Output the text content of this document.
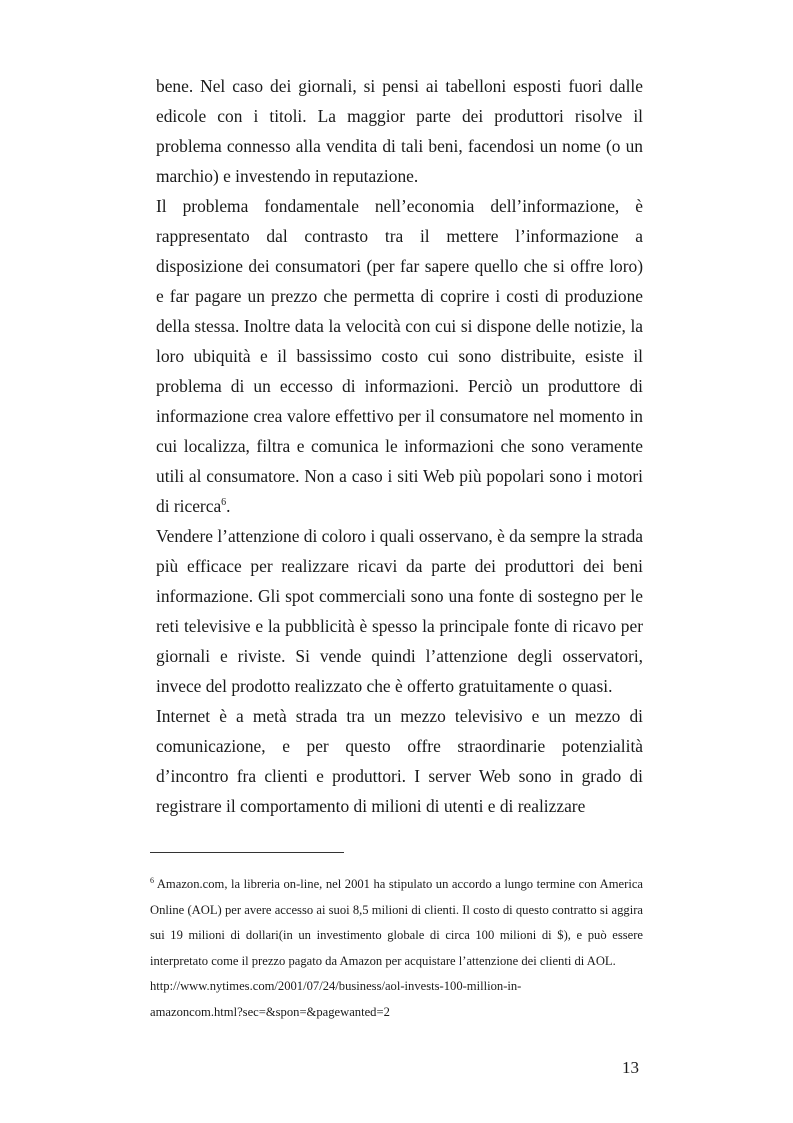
bene. Nel caso dei giornali, si pensi ai tabelloni esposti fuori dalle edicole con i titoli. La maggior parte dei produttori risolve il problema connesso alla vendita di tali beni, facendosi un nome (o un marchio) e investendo in reputazione.

Il problema fondamentale nell’economia dell’informazione, è rappresentato dal contrasto tra il mettere l’informazione a disposizione dei consumatori (per far sapere quello che si offre loro) e far pagare un prezzo che permetta di coprire i costi di produzione della stessa. Inoltre data la velocità con cui si dispone delle notizie, la loro ubiquità e il bassissimo costo cui sono distribuite, esiste il problema di un eccesso di informazioni. Perciò un produttore di informazione crea valore effettivo per il consumatore nel momento in cui localizza, filtra e comunica le informazioni che sono veramente utili al consumatore. Non a caso i siti Web più popolari sono i motori di ricerca$^6$.

Vendere l’attenzione di coloro i quali osservano, è da sempre la strada più efficace per realizzare ricavi da parte dei produttori dei beni informazione. Gli spot commerciali sono una fonte di sostegno per le reti televisive e la pubblicità è spesso la principale fonte di ricavo per giornali e riviste. Si vende quindi l’attenzione degli osservatori, invece del prodotto realizzato che è offerto gratuitamente o quasi.

Internet è a metà strada tra un mezzo televisivo e un mezzo di comunicazione, e per questo offre straordinarie potenzialità d’incontro fra clienti e produttori. I server Web sono in grado di registrare il comportamento di milioni di utenti e di realizzare

$^6$ Amazon.com, la libreria on-line, nel 2001 ha stipulato un accordo a lungo termine con America Online (AOL) per avere accesso ai suoi 8,5 milioni di clienti. Il costo di questo contratto si aggira sui 19 milioni di dollari(in un investimento globale di circa 100 milioni di $), e può essere interpretato come il prezzo pagato da Amazon per acquistare l’attenzione dei clienti di AOL.

http://www.nytimes.com/2001/07/24/business/aol-invests-100-million-in-
amazoncom.html?sec=&spon=&pagewanted=2

13
